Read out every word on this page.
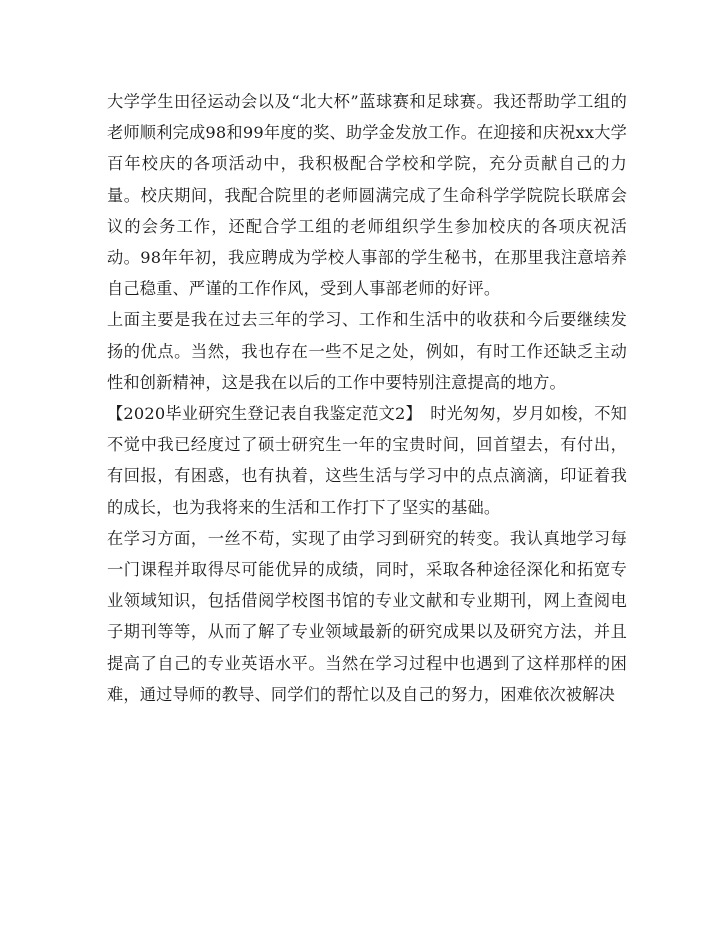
大学学生田径运动会以及“北大杯”蓝球赛和足球赛。我还帮助学工组的老师顺利完成98和99年度的奖、助学金发放工作。在迎接和庆祝xx大学百年校庆的各项活动中，我积极配合学校和学院，充分贡献自己的力量。校庆期间，我配合院里的老师圆满完成了生命科学学院院长联席会议的会务工作，还配合学工组的老师组织学生参加校庆的各项庆祝活动。98年年初，我应聘成为学校人事部的学生秘书，在那里我注意培养自己稳重、严谨的工作作风，受到人事部老师的好评。

上面主要是我在过去三年的学习、工作和生活中的收获和今后要继续发扬的优点。当然，我也存在一些不足之处，例如，有时工作还缺乏主动性和创新精神，这是我在以后的工作中要特别注意提高的地方。

【2020毕业研究生登记表自我鉴定范文2】　时光匆匆，岁月如梭，不知不觉中我已经度过了硕士研究生一年的宝贵时间，回首望去，有付出，有回报，有困惑，也有执着，这些生活与学习中的点点滴滴，印证着我的成长，也为我将来的生活和工作打下了坚实的基础。

在学习方面，一丝不苟，实现了由学习到研究的转变。我认真地学习每一门课程并取得尽可能优异的成绩，同时，采取各种途径深化和拓宽专业领域知识，包括借阅学校图书馆的专业文献和专业期刊，网上查阅电子期刊等等，从而了解了专业领域最新的研究成果以及研究方法，并且提高了自己的专业英语水平。当然在学习过程中也遇到了这样那样的困难，通过导师的教导、同学们的帮忙以及自己的努力，困难依次被解决
